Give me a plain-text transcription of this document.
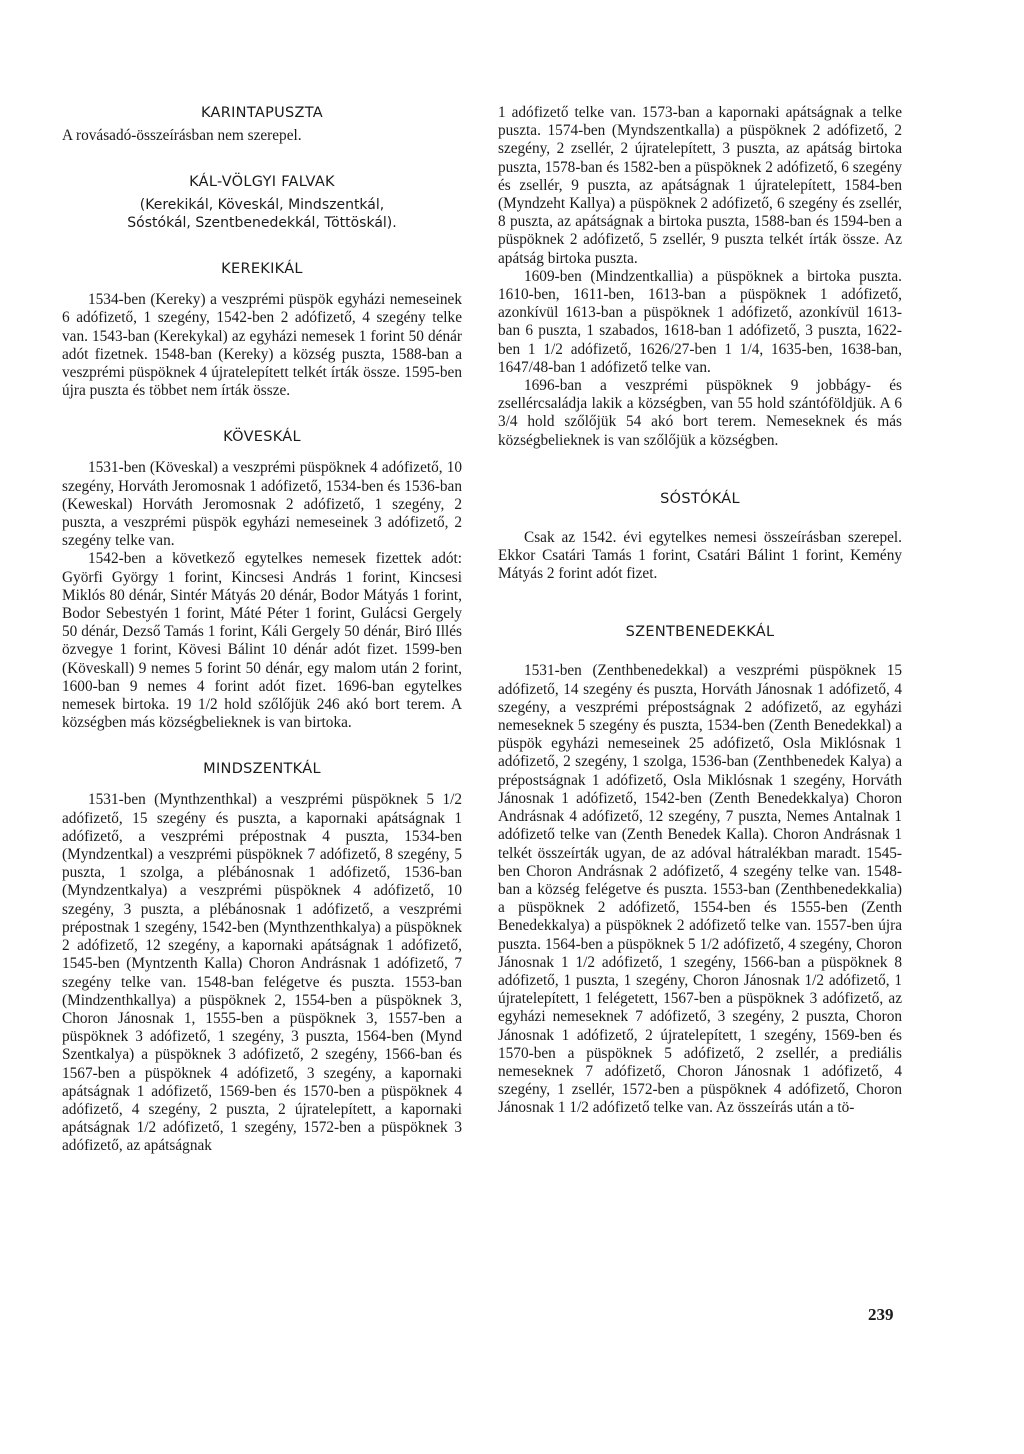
KARINTAPUSZTA

A rovásadó-összeírásban nem szerepel.

KÁL-VÖLGYI FALVAK

(Kerekikál, Köveskál, Mindszentkál,

Sóstókál, Szentbenedekkál, Töttöskál).

KEREKIKÁL

1534-ben (Kereky) a veszprémi püspök egyházi nemeseinek 6 adófizető, 1 szegény, 1542-ben 2 adófizető, 4 szegény telke van. 1543-ban (Kerekykal) az egyházi nemesek 1 forint 50 dénár adót fizetnek. 1548-ban (Kereky) a község puszta, 1588-ban a veszprémi püspöknek 4 újratelepített telkét írták össze. 1595-ben újra puszta és többet nem írták össze.

KÖVESKÁL

1531-ben (Köveskal) a veszprémi püspöknek 4 adófizető, 10 szegény, Horváth Jeromosnak 1 adófizető, 1534-ben és 1536-ban (Keweskal) Horváth Jeromosnak 2 adófizető, 1 szegény, 2 puszta, a veszprémi püspök egyházi nemeseinek 3 adófizető, 2 szegény telke van.

1542-ben a következő egytelkes nemesek fizettek adót: Györfi György 1 forint, Kincsesi András 1 forint, Kincsesi Miklós 80 dénár, Sintér Mátyás 20 dénár, Bodor Mátyás 1 forint, Bodor Sebestyén 1 forint, Máté Péter 1 forint, Gulácsi Gergely 50 dénár, Dezső Tamás 1 forint, Káli Gergely 50 dénár, Biró Illés özvegye 1 forint, Kövesi Bálint 10 dénár adót fizet. 1599-ben (Köveskall) 9 nemes 5 forint 50 dénár, egy malom után 2 forint, 1600-ban 9 nemes 4 forint adót fizet. 1696-ban egytelkes nemesek birtoka. 19 1/2 hold szőlőjük 246 akó bort terem. A községben más községbelieknek is van birtoka.

MINDSZENTKÁL

1531-ben (Mynthzenthkal) a veszprémi püspöknek 5 1/2 adófizető, 15 szegény és puszta, a kapornaki apátságnak 1 adófizető, a veszprémi prépostnak 4 puszta, 1534-ben (Myndzentkal) a veszprémi püspöknek 7 adófizető, 8 szegény, 5 puszta, 1 szolga, a plébánosnak 1 adófizető, 1536-ban (Myndzentkalya) a veszprémi püspöknek 4 adófizető, 10 szegény, 3 puszta, a plébánosnak 1 adófizető, a veszprémi prépostnak 1 szegény, 1542-ben (Mynthzenthkalya) a püspöknek 2 adófizető, 12 szegény, a kapornaki apátságnak 1 adófizető, 1545-ben (Myntzenth Kalla) Choron Andrásnak 1 adófizető, 7 szegény telke van. 1548-ban felégetve és puszta. 1553-ban (Mindzenthkallya) a püspöknek 2, 1554-ben a püspöknek 3, Choron Jánosnak 1, 1555-ben a püspöknek 3, 1557-ben a püspöknek 3 adófizető, 1 szegény, 3 puszta, 1564-ben (Mynd Szentkalya) a püspöknek 3 adófizető, 2 szegény, 1566-ban és 1567-ben a püspöknek 4 adófizető, 3 szegény, a kapornaki apátságnak 1 adófizető, 1569-ben és 1570-ben a püspöknek 4 adófizető, 4 szegény, 2 puszta, 2 újratelepített, a kapornaki apátságnak 1/2 adófizető, 1 szegény, 1572-ben a püspöknek 3 adófizető, az apátságnak

1 adófizető telke van. 1573-ban a kapornaki apátságnak a telke puszta. 1574-ben (Myndszentkalla) a püspöknek 2 adófizető, 2 szegény, 2 zsellér, 2 újratelepített, 3 puszta, az apátság birtoka puszta, 1578-ban és 1582-ben a püspöknek 2 adófizető, 6 szegény és zsellér, 9 puszta, az apátságnak 1 újratelepített, 1584-ben (Myndzeht Kallya) a püspöknek 2 adófizető, 6 szegény és zsellér, 8 puszta, az apátságnak a birtoka puszta, 1588-ban és 1594-ben a püspöknek 2 adófizető, 5 zsellér, 9 puszta telkét írták össze. Az apátság birtoka puszta.

1609-ben (Mindzentkallia) a püspöknek a birtoka puszta. 1610-ben, 1611-ben, 1613-ban a püspöknek 1 adófizető, azonkívül 1613-ban a püspöknek 1 adófizető, azonkívül 1613-ban 6 puszta, 1 szabados, 1618-ban 1 adófizető, 3 puszta, 1622-ben 1 1/2 adófizető, 1626/27-ben 1 1/4, 1635-ben, 1638-ban, 1647/48-ban 1 adófizető telke van.

1696-ban a veszprémi püspöknek 9 jobbágy- és zsellércsaládja lakik a községben, van 55 hold szántóföldjük. A 6 3/4 hold szőlőjük 54 akó bort terem. Nemeseknek és más községbelieknek is van szőlőjük a községben.

SÓSTÓKÁL

Csak az 1542. évi egytelkes nemesi összeírásban szerepel. Ekkor Csatári Tamás 1 forint, Csatári Bálint 1 forint, Kemény Mátyás 2 forint adót fizet.

SZENTBENEDEKKÁL

1531-ben (Zenthbenedekkal) a veszprémi püspöknek 15 adófizető, 14 szegény és puszta, Horváth Jánosnak 1 adófizető, 4 szegény, a veszprémi prépostságnak 2 adófizető, az egyházi nemeseknek 5 szegény és puszta, 1534-ben (Zenth Benedekkal) a püspök egyházi nemeseinek 25 adófizető, Osla Miklósnak 1 adófizető, 2 szegény, 1 szolga, 1536-ban (Zenthbenedek Kalya) a prépostságnak 1 adófizető, Osla Miklósnak 1 szegény, Horváth Jánosnak 1 adófizető, 1542-ben (Zenth Benedekkalya) Choron Andrásnak 4 adófizető, 12 szegény, 7 puszta, Nemes Antalnak 1 adófizető telke van (Zenth Benedek Kalla). Choron Andrásnak 1 telkét összeírták ugyan, de az adóval hátralékban maradt. 1545-ben Choron Andrásnak 2 adófizető, 4 szegény telke van. 1548-ban a község felégetve és puszta. 1553-ban (Zenthbenedekkalia) a püspöknek 2 adófizető, 1554-ben és 1555-ben (Zenth Benedekkalya) a püspöknek 2 adófizető telke van. 1557-ben újra puszta. 1564-ben a püspöknek 5 1/2 adófizető, 4 szegény, Choron Jánosnak 1 1/2 adófizető, 1 szegény, 1566-ban a püspöknek 8 adófizető, 1 puszta, 1 szegény, Choron Jánosnak 1/2 adófizető, 1 újratelepített, 1 felégetett, 1567-ben a püspöknek 3 adófizető, az egyházi nemeseknek 7 adófizető, 3 szegény, 2 puszta, Choron Jánosnak 1 adófizető, 2 újratelepített, 1 szegény, 1569-ben és 1570-ben a püspöknek 5 adófizető, 2 zsellér, a prediális nemeseknek 7 adófizető, Choron Jánosnak 1 adófizető, 4 szegény, 1 zsellér, 1572-ben a püspöknek 4 adófizető, Choron Jánosnak 1 1/2 adófizető telke van. Az összeírás után a tö-

239
